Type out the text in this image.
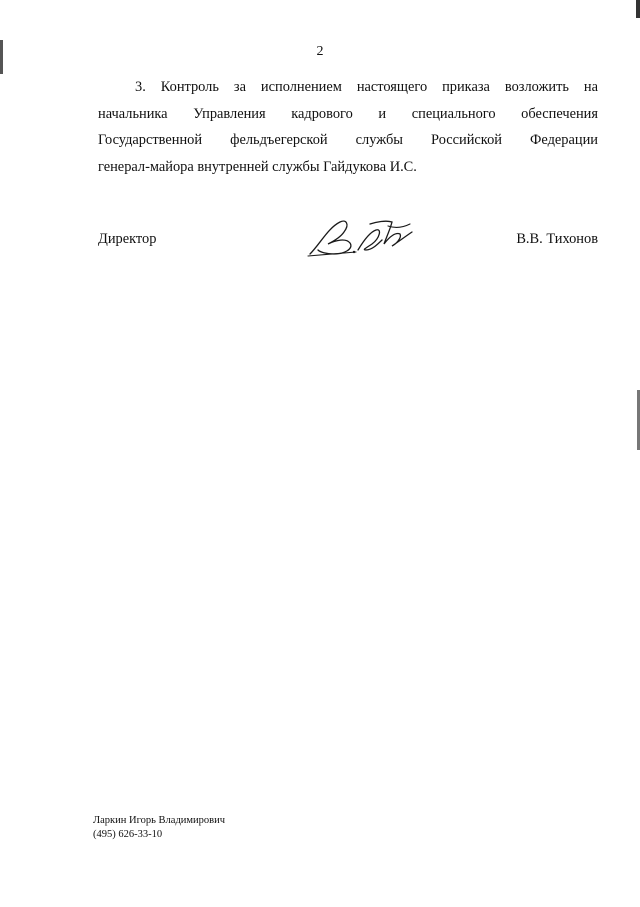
2
3. Контроль за исполнением настоящего приказа возложить на
начальника Управления кадрового и специального обеспечения
Государственной фельдъегерской службы Российской Федерации
генерал-майора внутренней службы Гайдукова И.С.
Директор	В.В. Тихонов
Ларкин Игорь Владимирович
(495) 626-33-10
